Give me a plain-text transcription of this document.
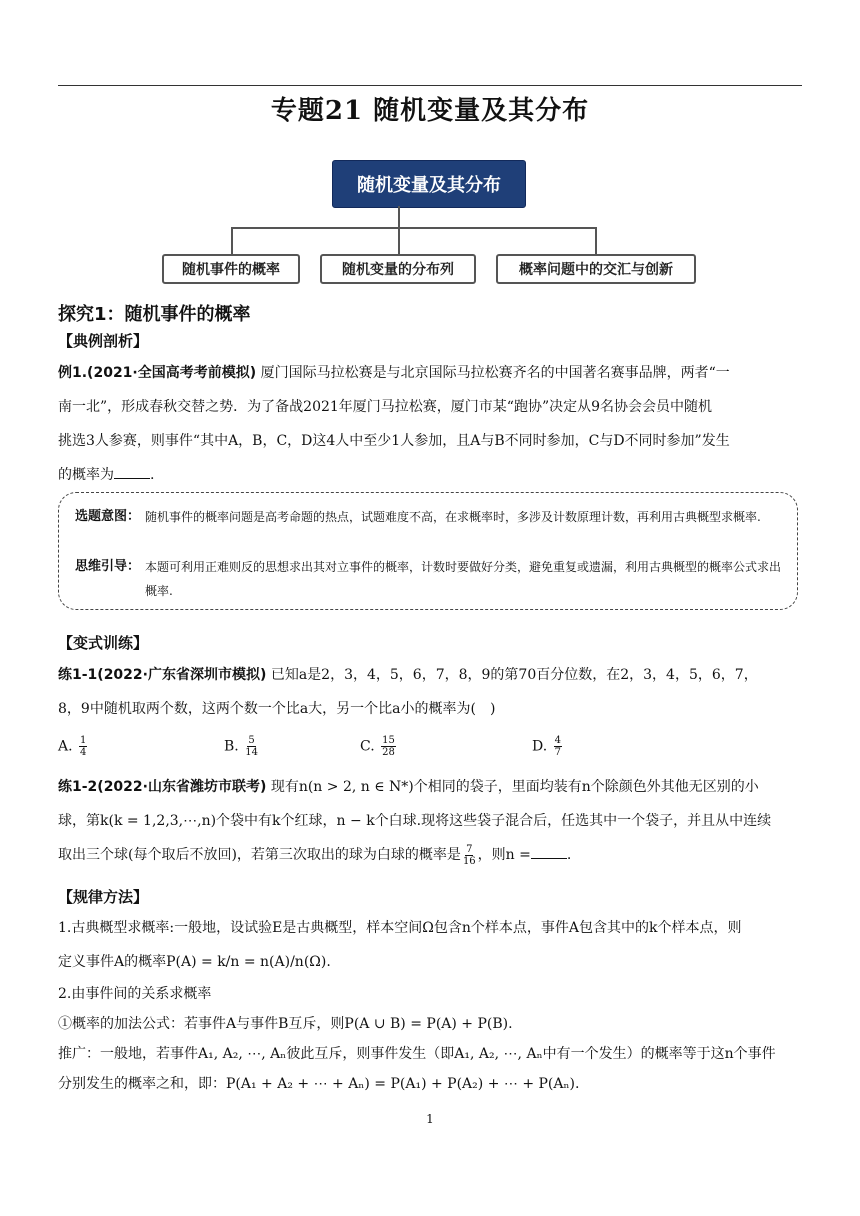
专题21 随机变量及其分布
随机变量及其分布
随机事件的概率	随机变量的分布列	概率问题中的交汇与创新
探究1：随机事件的概率
【典例剖析】
例1.(2021·全国高考考前模拟) 厦门国际马拉松赛是与北京国际马拉松赛齐名的中国著名赛事品牌，两者“一
南一北”，形成春秋交替之势．为了备战2021年厦门马拉松赛，厦门市某“跑协”决定从9名协会会员中随机
挑选3人参赛，则事件“其中A，B，C，D这4人中至少1人参加，且A与B不同时参加，C与D不同时参加”发生
的概率为	.
选题意图： 随机事件的概率问题是高考命题的热点，试题难度不高，在求概率时，多涉及计数原理计数，再利用古典概型求概率.
思维引导： 本题可利用正难则反的思想求出其对立事件的概率，计数时要做好分类，避免重复或遗漏，利用古典概型的概率公式求出概率.
【变式训练】
练1-1(2022·广东省深圳市模拟) 已知a是2，3，4，5，6，7，8，9的第70百分位数，在2，3，4，5，6，7，
8，9中随机取两个数，这两个数一个比a大，另一个比a小的概率为(　)
A. $\frac{1}{4}$	B. $\frac{5}{14}$	C. $\frac{15}{28}$	D. $\frac{4}{7}$
练1-2(2022·山东省潍坊市联考) 现有n(n > 2, n ∈ N*)个相同的袋子，里面均装有n个除颜色外其他无区别的小
球，第k(k = 1,2,3,⋯,n)个袋中有k个红球，n − k个白球.现将这些袋子混合后，任选其中一个袋子，并且从中连续
取出三个球(每个取后不放回)，若第三次取出的球为白球的概率是 $\frac{7}{16}$ ，则n =	.
【规律方法】
1.古典概型求概率:一般地，设试验E是古典概型，样本空间Ω包含n个样本点，事件A包含其中的k个样本点，则
定义事件A的概率P(A) = k/n = n(A)/n(Ω).
2.由事件间的关系求概率
①概率的加法公式：若事件A与事件B互斥，则P(A ∪ B) = P(A) + P(B).
推广：一般地，若事件A₁, A₂, ⋯, Aₙ彼此互斥，则事件发生（即A₁, A₂, ⋯, Aₙ中有一个发生）的概率等于这n个事件
分别发生的概率之和，即：P(A₁ + A₂ + ⋯ + Aₙ) = P(A₁) + P(A₂) + ⋯ + P(Aₙ).
1
